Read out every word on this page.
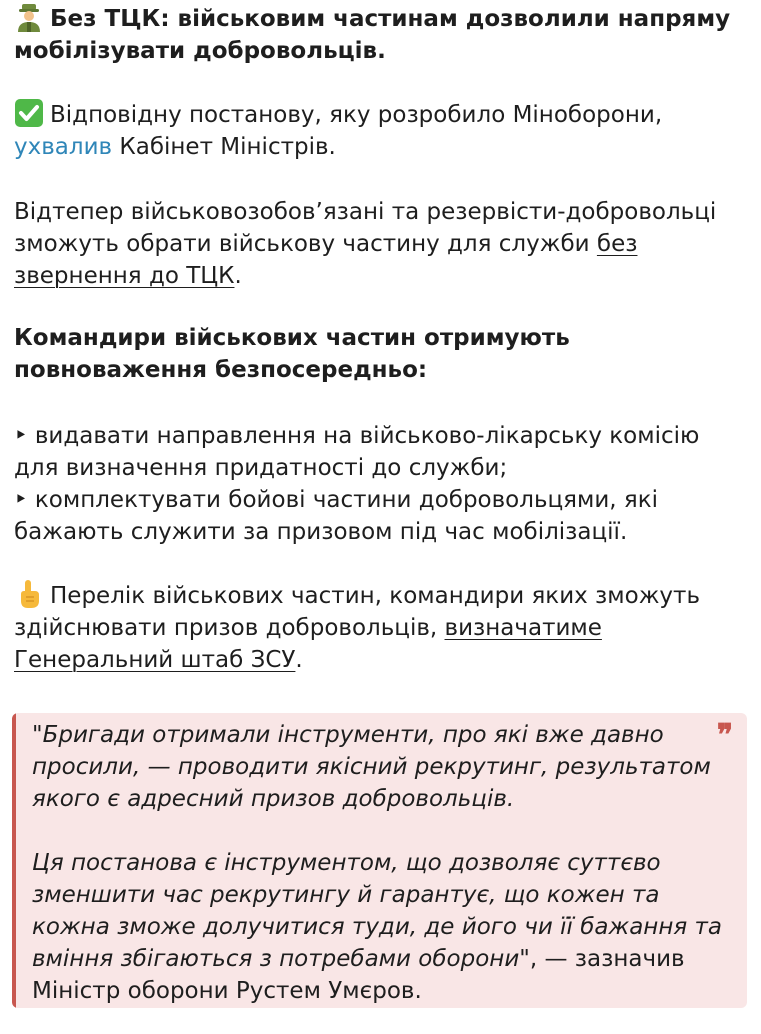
Без ТЦК: військовим частинам дозволили напряму мобілізувати добровольців.

Відповідну постанову, яку розробило Міноборони,
ухвалив Кабінет Міністрів.

Відтепер військовозобов’язані та резервісти-добровольці зможуть обрати військову частину для служби без звернення до ТЦК.

Командири військових частин отримують повноваження безпосередньо:

‣ видавати направлення на військово-лікарську комісію для визначення придатності до служби;
‣ комплектувати бойові частини добровольцями, які бажають служити за призовом під час мобілізації.

Перелік військових частин, командири яких зможуть здійснювати призов добровольців, визначатиме Генеральний штаб ЗСУ.

❞

"Бригади отримали інструменти, про які вже давно просили, — проводити якісний рекрутинг, результатом якого є адресний призов добровольців.

Ця постанова є інструментом, що дозволяє суттєво зменшити час рекрутингу й гарантує, що кожен та кожна зможе долучитися туди, де його чи її бажання та вміння збігаються з потребами оборони", — зазначив Міністр оборони Рустем Умєров.
